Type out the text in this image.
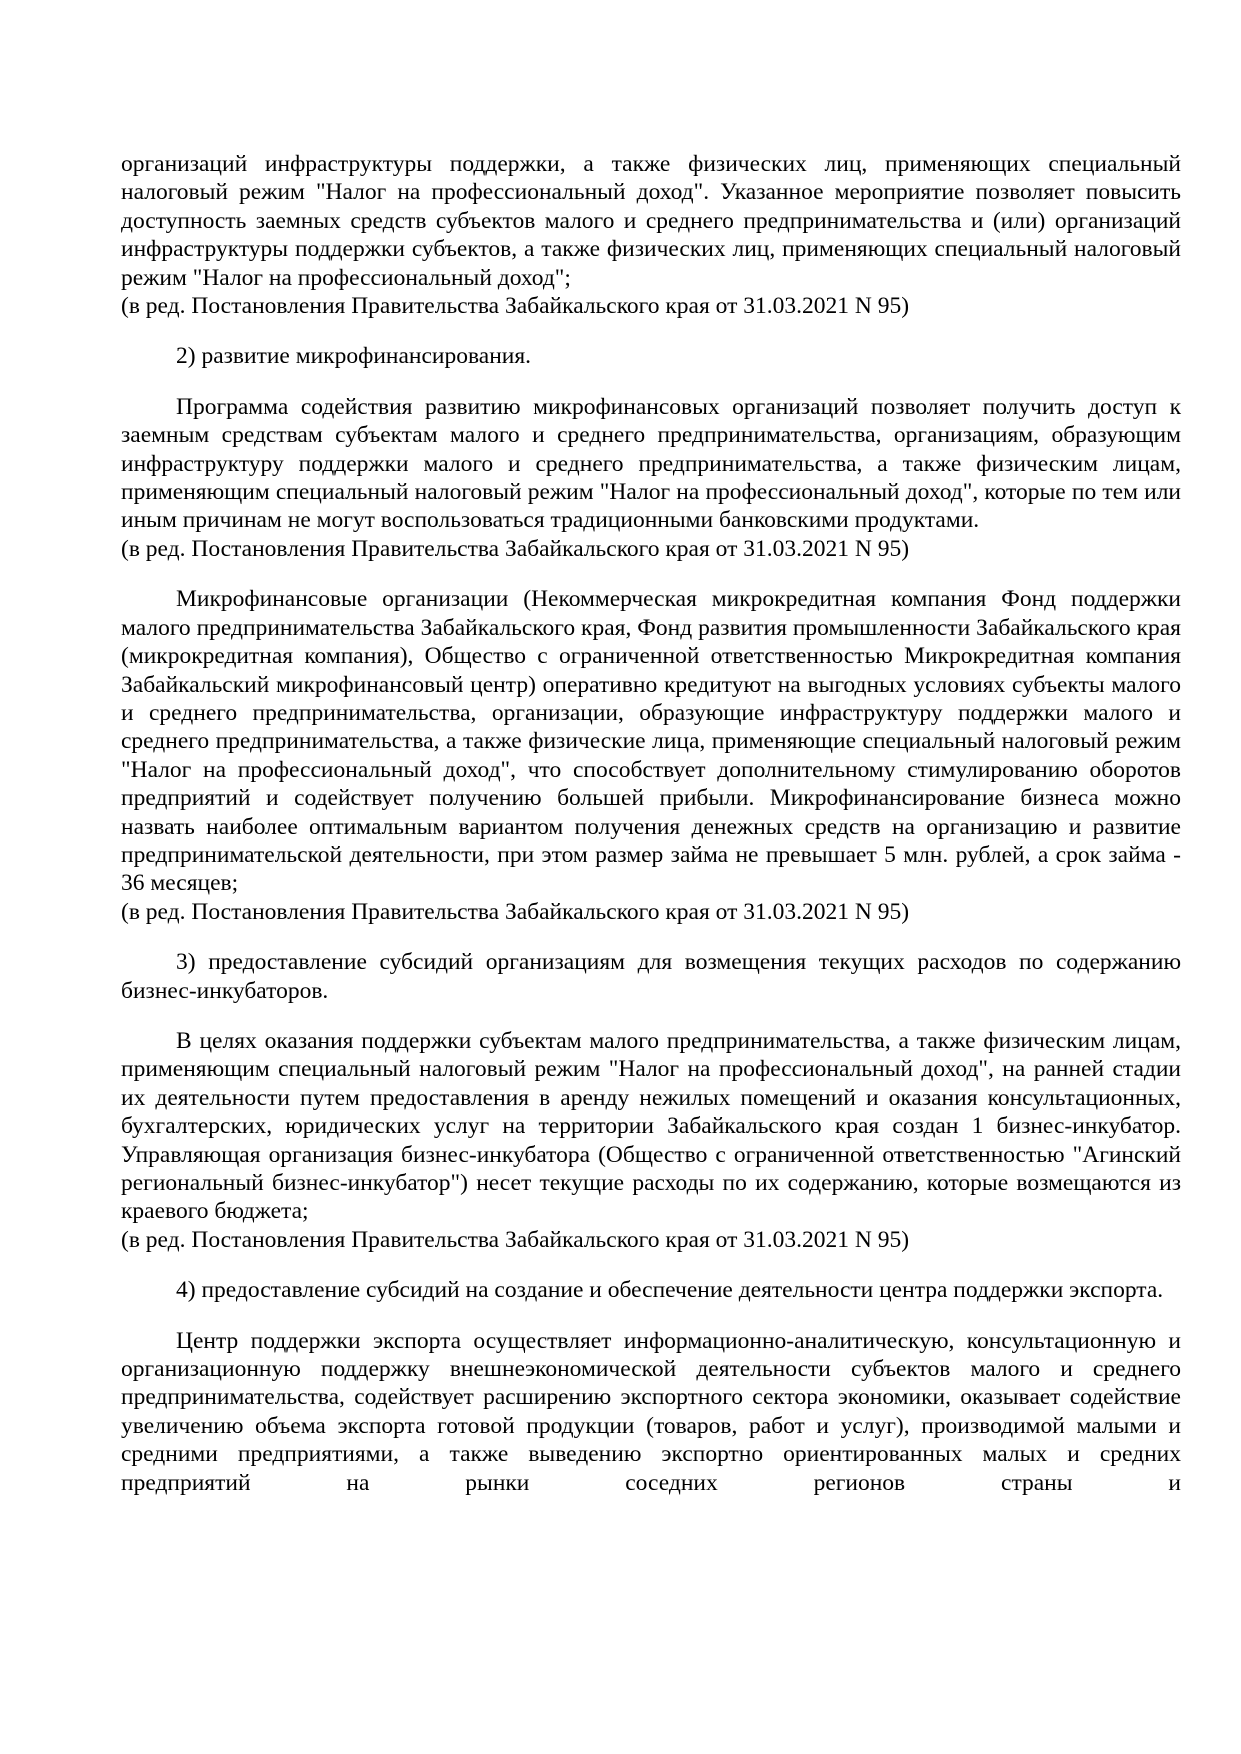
организаций инфраструктуры поддержки, а также физических лиц, применяющих специальный налоговый режим "Налог на профессиональный доход". Указанное мероприятие позволяет повысить доступность заемных средств субъектов малого и среднего предпринимательства и (или) организаций инфраструктуры поддержки субъектов, а также физических лиц, применяющих специальный налоговый режим "Налог на профессиональный доход";

(в ред. Постановления Правительства Забайкальского края от 31.03.2021 N 95)

2) развитие микрофинансирования.

Программа содействия развитию микрофинансовых организаций позволяет получить доступ к заемным средствам субъектам малого и среднего предпринимательства, организациям, образующим инфраструктуру поддержки малого и среднего предпринимательства, а также физическим лицам, применяющим специальный налоговый режим "Налог на профессиональный доход", которые по тем или иным причинам не могут воспользоваться традиционными банковскими продуктами.

(в ред. Постановления Правительства Забайкальского края от 31.03.2021 N 95)

Микрофинансовые организации (Некоммерческая микрокредитная компания Фонд поддержки малого предпринимательства Забайкальского края, Фонд развития промышленности Забайкальского края (микрокредитная компания), Общество с ограниченной ответственностью Микрокредитная компания Забайкальский микрофинансовый центр) оперативно кредитуют на выгодных условиях субъекты малого и среднего предпринимательства, организации, образующие инфраструктуру поддержки малого и среднего предпринимательства, а также физические лица, применяющие специальный налоговый режим "Налог на профессиональный доход", что способствует дополнительному стимулированию оборотов предприятий и содействует получению большей прибыли. Микрофинансирование бизнеса можно назвать наиболее оптимальным вариантом получения денежных средств на организацию и развитие предпринимательской деятельности, при этом размер займа не превышает 5 млн. рублей, а срок займа - 36 месяцев;

(в ред. Постановления Правительства Забайкальского края от 31.03.2021 N 95)

3) предоставление субсидий организациям для возмещения текущих расходов по содержанию бизнес-инкубаторов.

В целях оказания поддержки субъектам малого предпринимательства, а также физическим лицам, применяющим специальный налоговый режим "Налог на профессиональный доход", на ранней стадии их деятельности путем предоставления в аренду нежилых помещений и оказания консультационных, бухгалтерских, юридических услуг на территории Забайкальского края создан 1 бизнес-инкубатор. Управляющая организация бизнес-инкубатора (Общество с ограниченной ответственностью "Агинский региональный бизнес-инкубатор") несет текущие расходы по их содержанию, которые возмещаются из краевого бюджета;

(в ред. Постановления Правительства Забайкальского края от 31.03.2021 N 95)

4) предоставление субсидий на создание и обеспечение деятельности центра поддержки экспорта.

Центр поддержки экспорта осуществляет информационно-аналитическую, консультационную и организационную поддержку внешнеэкономической деятельности субъектов малого и среднего предпринимательства, содействует расширению экспортного сектора экономики, оказывает содействие увеличению объема экспорта готовой продукции (товаров, работ и услуг), производимой малыми и средними предприятиями, а также выведению экспортно ориентированных малых и средних предприятий на рынки соседних регионов страны и
